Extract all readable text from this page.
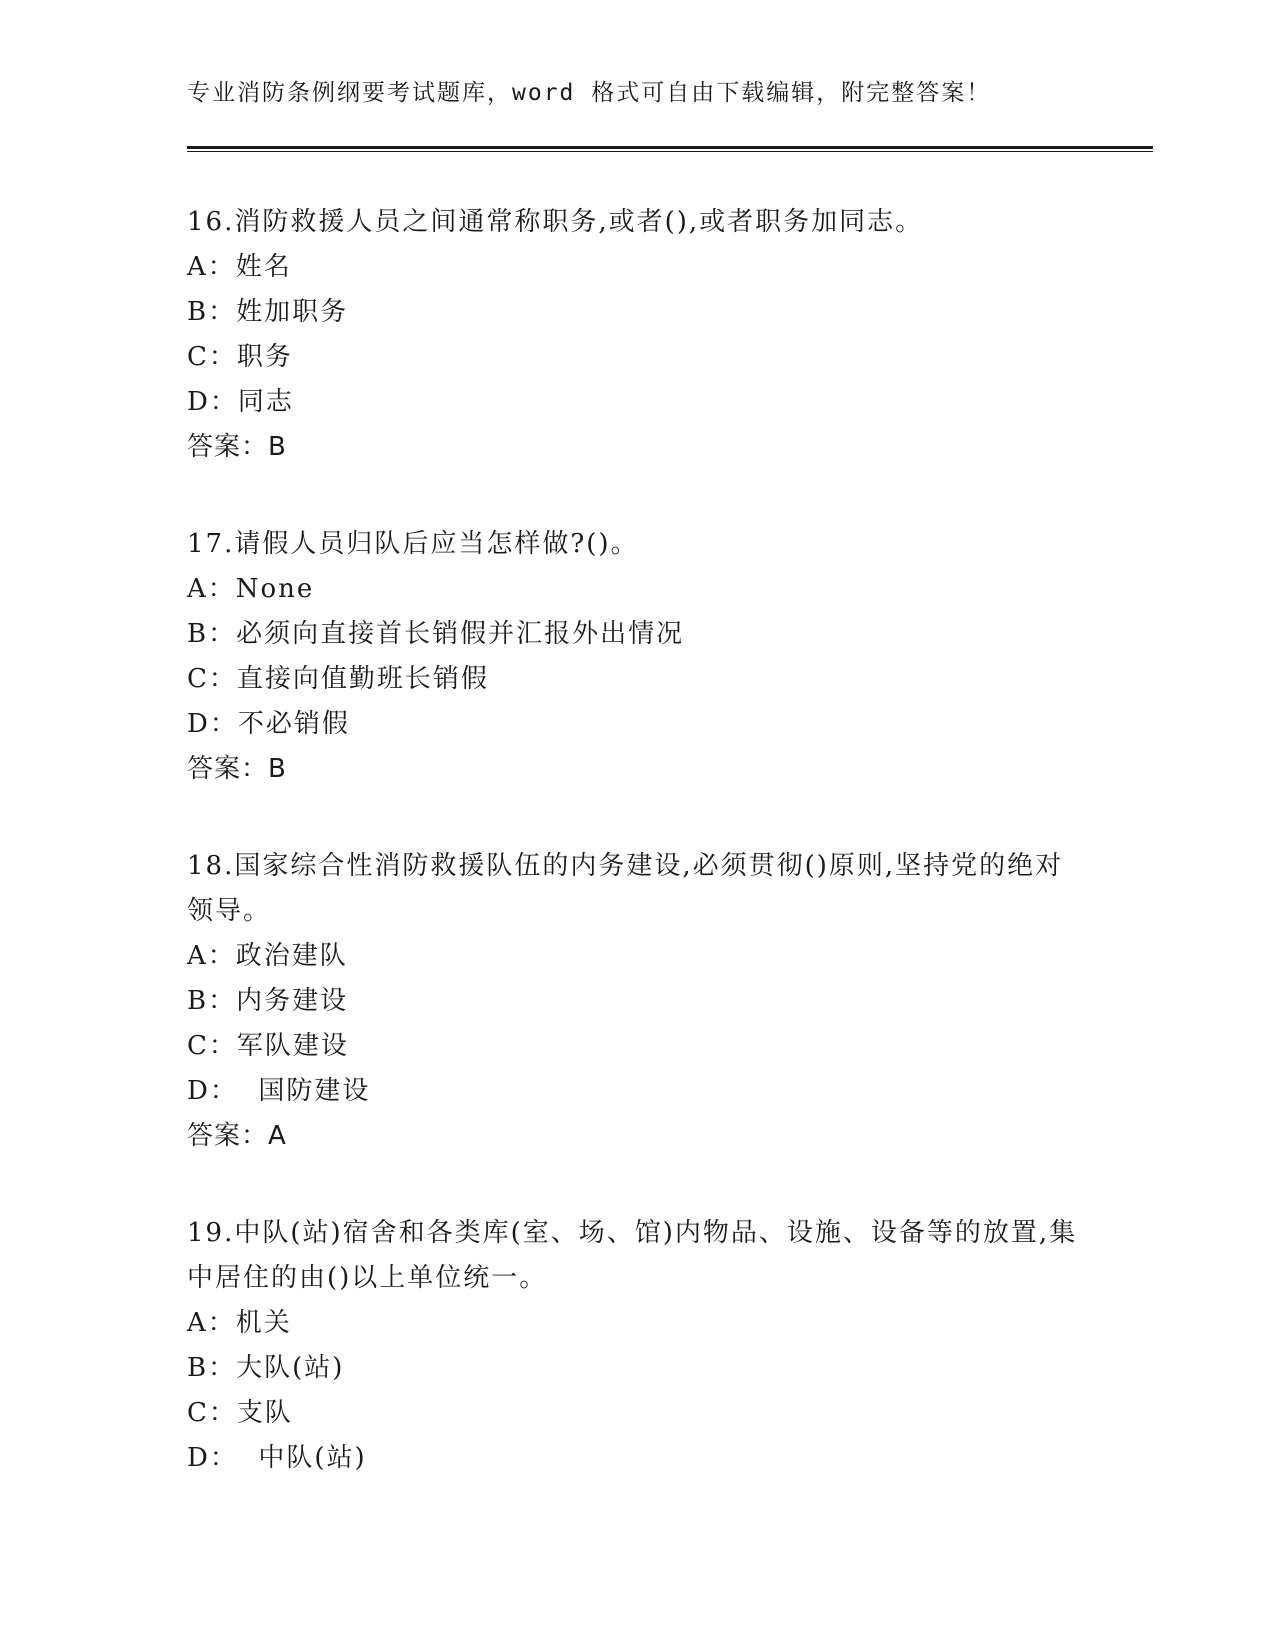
专业消防条例纲要考试题库，word 格式可自由下载编辑，附完整答案！

16.消防救援人员之间通常称职务,或者(),或者职务加同志。

A：姓名
B：姓加职务
C：职务
D：同志
答案：B

17.请假人员归队后应当怎样做?()。

A：None
B：必须向直接首长销假并汇报外出情况
C：直接向值勤班长销假
D：不必销假
答案：B

18.国家综合性消防救援队伍的内务建设,必须贯彻()原则,坚持党的绝对领导。

A：政治建队
B：内务建设
C：军队建设
D：  国防建设
答案：A

19.中队(站)宿舍和各类库(室、场、馆)内物品、设施、设备等的放置,集中居住的由()以上单位统一。

A：机关
B：大队(站)
C：支队
D：  中队(站)
